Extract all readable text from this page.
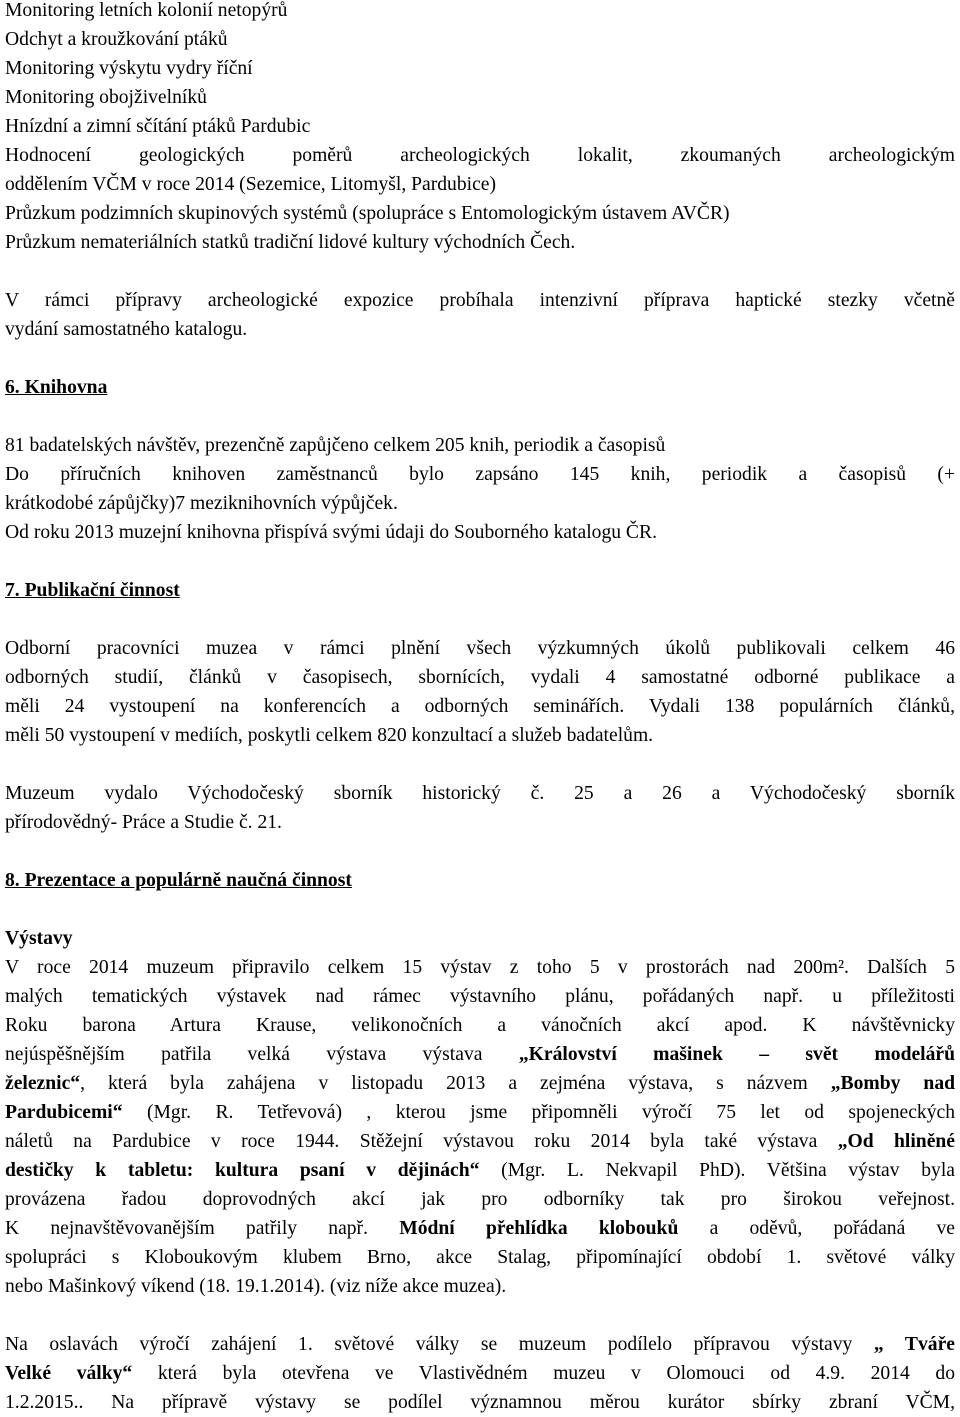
Monitoring letních kolonií netopýrů
Odchyt a kroužkování ptáků
Monitoring výskytu vydry říční
Monitoring obojživelníků
Hnízdní a zimní sčítání ptáků Pardubic
Hodnocení geologických poměrů archeologických lokalit, zkoumaných archeologickým
oddělením VČM v roce 2014 (Sezemice, Litomyšl, Pardubice)
Průzkum podzimních skupinových systémů (spolupráce s Entomologickým ústavem AVČR)
Průzkum nemateriálních statků tradiční lidové kultury východních Čech.
V rámci přípravy archeologické expozice probíhala intenzivní příprava haptické stezky včetně
vydání samostatného katalogu.
6. Knihovna
81 badatelských návštěv, prezenčně zapůjčeno celkem 205 knih, periodik a časopisů
Do příručních knihoven zaměstnanců bylo zapsáno 145 knih, periodik a časopisů (+
krátkodobé zápůjčky)7 meziknihovních výpůjček.
Od roku 2013 muzejní knihovna přispívá svými údaji do Souborného katalogu ČR.
7. Publikační činnost
Odborní pracovníci muzea v rámci plnění všech výzkumných úkolů publikovali celkem 46
odborných studií, článků v časopisech, sbornících, vydali 4 samostatné odborné publikace a
měli 24 vystoupení na konferencích a odborných seminářích. Vydali 138 populárních článků,
měli 50 vystoupení v mediích, poskytli celkem 820 konzultací a služeb badatelům.
Muzeum vydalo Východočeský sborník historický č. 25 a 26 a Východočeský sborník
přírodovědný- Práce a Studie č. 21.
8. Prezentace a populárně naučná činnost
Výstavy
V roce 2014 muzeum připravilo celkem 15 výstav z toho 5 v prostorách nad 200m². Dalších 5
malých tematických výstavek nad rámec výstavního plánu, pořádaných např. u příležitosti
Roku barona Artura Krause, velikonočních a vánočních akcí apod. K návštěvnicky
nejúspěšnějším patřila velká výstava výstava „Království mašinek – svět modelářů
železnic“, která byla zahájena v listopadu 2013 a zejména výstava, s názvem „Bomby nad
Pardubicemi“ (Mgr. R. Tetřevová) , kterou jsme připomněli výročí 75 let od spojeneckých
náletů na Pardubice v roce 1944. Stěžejní výstavou roku 2014 byla také výstava „Od hliněné
destičky k tabletu: kultura psaní v dějinách“ (Mgr. L. Nekvapil PhD). Většina výstav byla
provázena řadou doprovodných akcí jak pro odborníky tak pro širokou veřejnost.
K nejnavštěvovanějším patřily např. Módní přehlídka klobouků a oděvů, pořádaná ve
spolupráci s Kloboukovým klubem Brno, akce Stalag, připomínající období 1. světové války
nebo Mašinkový víkend (18. 19.1.2014). (viz níže akce muzea).
Na oslavách výročí zahájení 1. světové války se muzeum podílelo přípravou výstavy „ Tváře
Velké války“ která byla otevřena ve Vlastivědném muzeu v Olomouci od 4.9. 2014 do
1.2.2015.. Na přípravě výstavy se podílel významnou měrou kurátor sbírky zbraní VČM,
